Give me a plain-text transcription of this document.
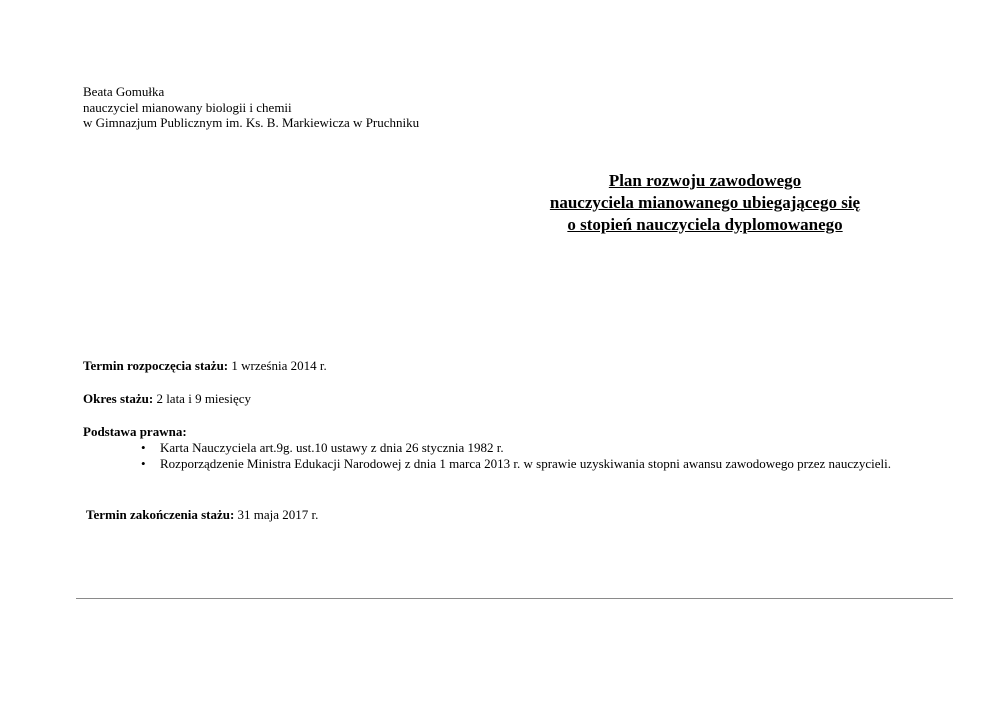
Beata Gomułka
nauczyciel mianowany biologii i chemii
w Gimnazjum Publicznym im. Ks. B. Markiewicza w Pruchniku
Plan rozwoju zawodowego
nauczyciela mianowanego ubiegającego się
o stopień nauczyciela dyplomowanego
Termin rozpoczęcia stażu: 1 września 2014 r.
Okres stażu: 2 lata i 9 miesięcy
Podstawa prawna:
• Karta Nauczyciela art.9g. ust.10 ustawy z dnia 26 stycznia 1982 r.
• Rozporządzenie Ministra Edukacji Narodowej z dnia 1 marca 2013 r. w sprawie uzyskiwania stopni awansu zawodowego przez nauczycieli.
Termin zakończenia stażu: 31 maja 2017 r.
